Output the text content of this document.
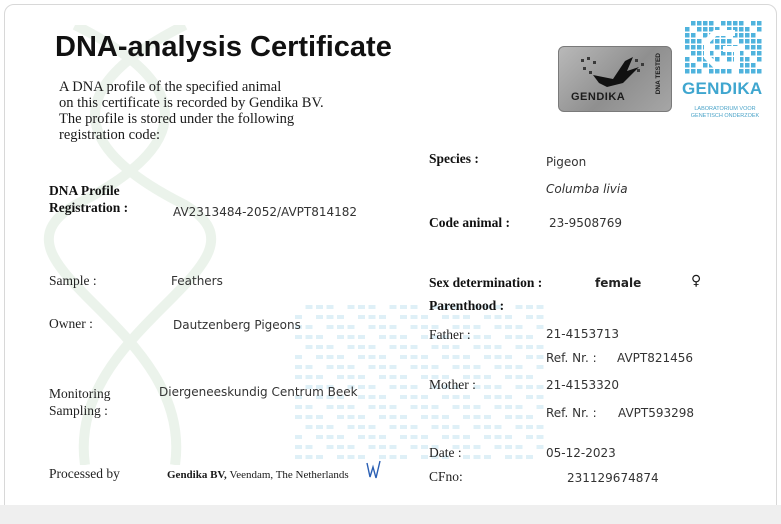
DNA-analysis Certificate
A DNA profile of the specified animal
on this certificate is recorded by Gendika BV.
The profile is stored under the following
registration code:
GENDIKA
DNA TESTED GENDIKA
LABORATORIUM VOOR
GENETISCH ONDERZOEK
DNA Profile
Registration :	AV2313484-2052/AVPT814182
Sample :	Feathers
Owner :	Dautzenberg Pigeons
Monitoring
Sampling :
Diergeneeskundig Centrum Beek
Processed by	Gendika BV, Veendam, The Netherlands
Species :	Pigeon
Columba livia
Code animal :	23-9508769
Sex determination :	female	♀
Parenthood :
Father :	21-4153713
Ref. Nr. : AVPT821456
Mother :	21-4153320
Ref. Nr. : AVPT593298
Date :	05-12-2023
CFno:	231129674874
